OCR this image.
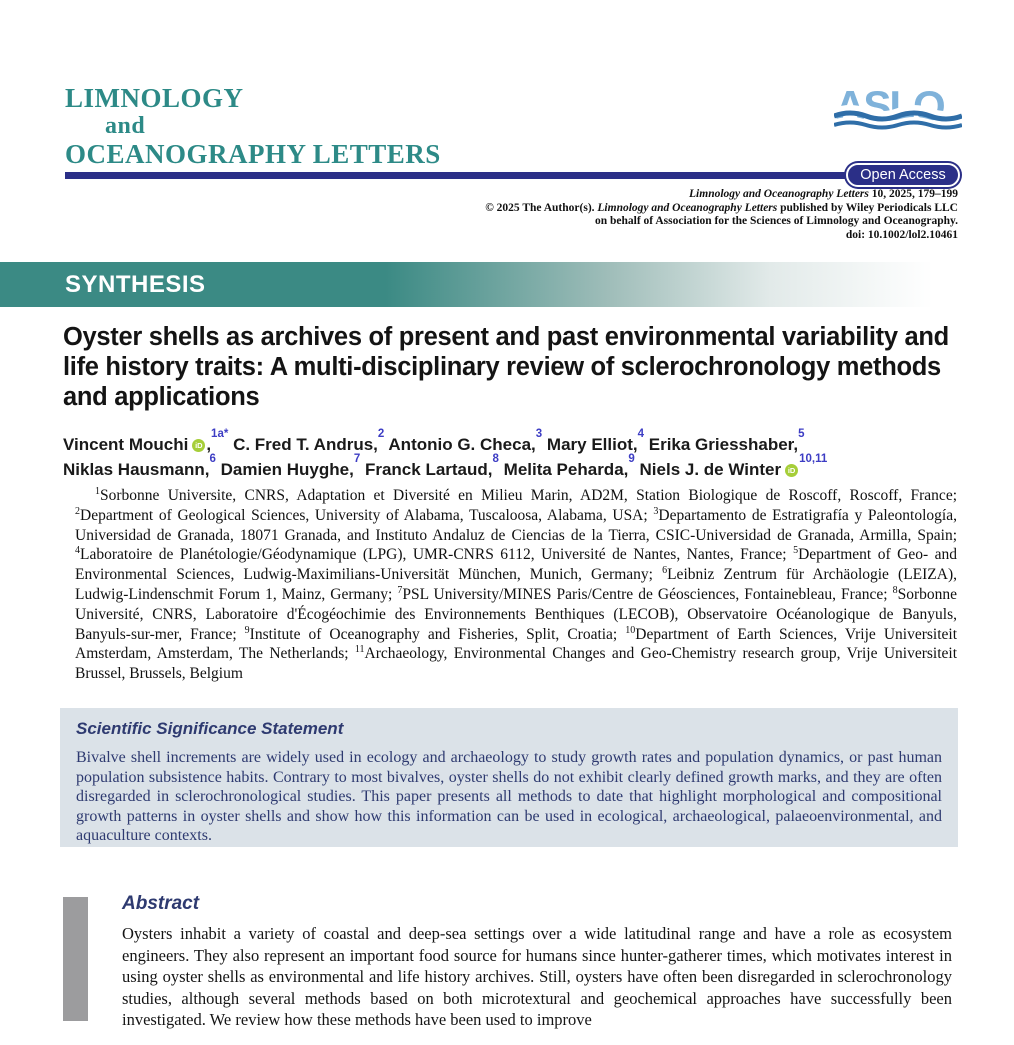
LIMNOLOGY
and
OCEANOGRAPHY LETTERS
ASLO
Open Access
Limnology and Oceanography Letters 10, 2025, 179–199
© 2025 The Author(s). Limnology and Oceanography Letters published by Wiley Periodicals LLC
on behalf of Association for the Sciences of Limnology and Oceanography.
doi: 10.1002/lol2.10461
SYNTHESIS
Oyster shells as archives of present and past environmental variability and life history traits: A multi-disciplinary review of sclerochronology methods and applications
Vincent Mouchi iD ,$^{1a*}$ C. Fred T. Andrus,$^2$ Antonio G. Checa,$^3$ Mary Elliot,$^4$ Erika Griesshaber,$^5$
Niklas Hausmann,$^6$ Damien Huyghe,$^7$ Franck Lartaud,$^8$ Melita Peharda,$^9$ Niels J. de Winter iD$^{10,11}$

$^1$Sorbonne Universite, CNRS, Adaptation et Diversité en Milieu Marin, AD2M, Station Biologique de Roscoff, Roscoff, France; $^2$Department of Geological Sciences, University of Alabama, Tuscaloosa, Alabama, USA; $^3$Departamento de Estratigrafía y Paleontología, Universidad de Granada, 18071 Granada, and Instituto Andaluz de Ciencias de la Tierra, CSIC-Universidad de Granada, Armilla, Spain; $^4$Laboratoire de Planétologie/Géodynamique (LPG), UMR-CNRS 6112, Université de Nantes, Nantes, France; $^5$Department of Geo- and Environmental Sciences, Ludwig-Maximilians-Universität München, Munich, Germany; $^6$Leibniz Zentrum für Archäologie (LEIZA), Ludwig-Lindenschmit Forum 1, Mainz, Germany; $^7$PSL University/MINES Paris/Centre de Géosciences, Fontainebleau, France; $^8$Sorbonne Université, CNRS, Laboratoire d'Écogéochimie des Environnements Benthiques (LECOB), Observatoire Océanologique de Banyuls, Banyuls-sur-mer, France; $^9$Institute of Oceanography and Fisheries, Split, Croatia; $^{10}$Department of Earth Sciences, Vrije Universiteit Amsterdam, Amsterdam, The Netherlands; $^{11}$Archaeology, Environmental Changes and Geo-Chemistry research group, Vrije Universiteit Brussel, Brussels, Belgium

Scientific Significance Statement
Bivalve shell increments are widely used in ecology and archaeology to study growth rates and population dynamics, or past human population subsistence habits. Contrary to most bivalves, oyster shells do not exhibit clearly defined growth marks, and they are often disregarded in sclerochronological studies. This paper presents all methods to date that highlight morphological and compositional growth patterns in oyster shells and show how this information can be used in ecological, archaeological, palaeoenvironmental, and aquaculture contexts.
Abstract
Oysters inhabit a variety of coastal and deep-sea settings over a wide latitudinal range and have a role as ecosystem engineers. They also represent an important food source for humans since hunter-gatherer times, which motivates interest in using oyster shells as environmental and life history archives. Still, oysters have often been disregarded in sclerochronology studies, although several methods based on both microtextural and geochemical approaches have successfully been investigated. We review how these methods have been used to improve
